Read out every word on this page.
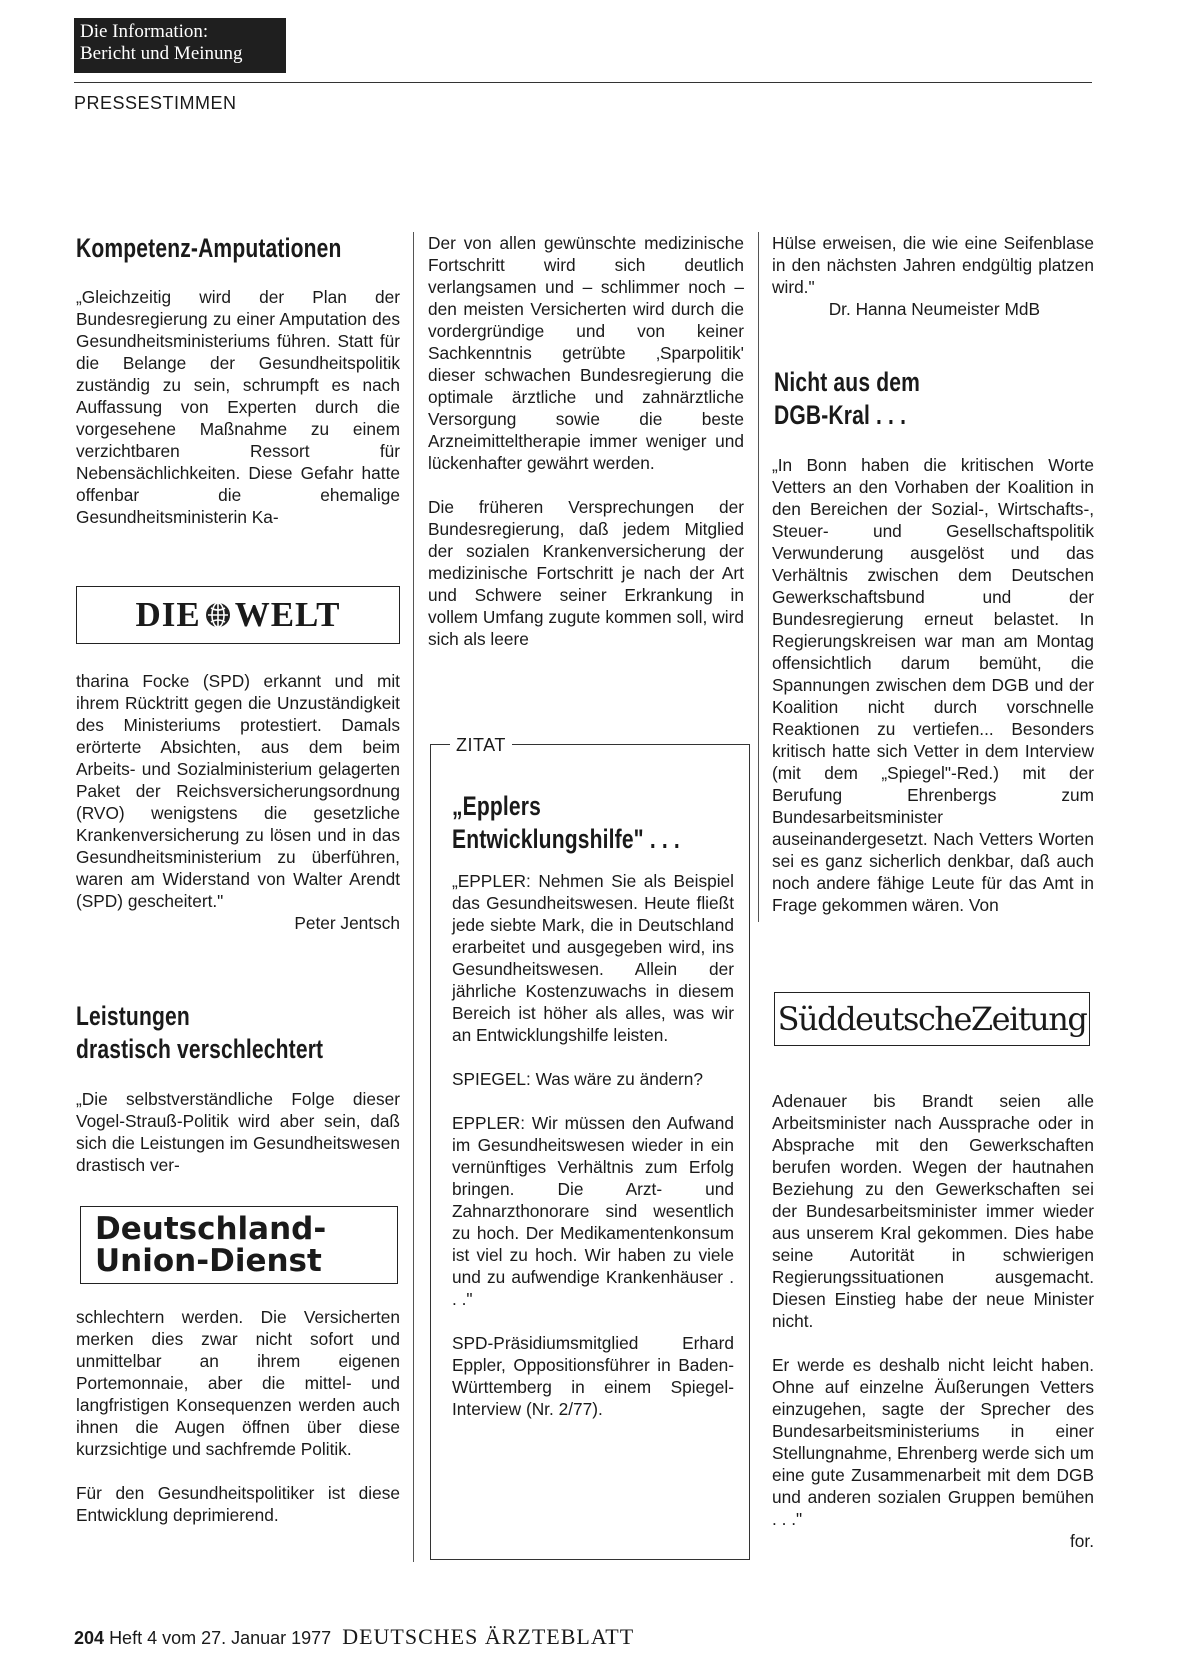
Die Information:
Bericht und Meinung
PRESSESTIMMEN
Kompetenz-Amputationen

„Gleichzeitig wird der Plan der Bundesregierung zu einer Amputation des Gesundheitsministeriums führen. Statt für die Belange der Gesundheitspolitik zuständig zu sein, schrumpft es nach Auffassung von Experten durch die vorgesehene Maßnahme zu einem verzichtbaren Ressort für Nebensächlichkeiten. Diese Gefahr hatte offenbar die ehemalige Gesundheitsministerin Ka-

DIE WELT

tharina Focke (SPD) erkannt und mit ihrem Rücktritt gegen die Unzuständigkeit des Ministeriums protestiert. Damals erörterte Absichten, aus dem beim Arbeits- und Sozialministerium gelagerten Paket der Reichsversicherungsordnung (RVO) wenigstens die gesetzliche Krankenversicherung zu lösen und in das Gesundheitsministerium zu überführen, waren am Widerstand von Walter Arendt (SPD) gescheitert."

Peter Jentsch

Leistungen
drastisch verschlechtert

„Die selbstverständliche Folge dieser Vogel-Strauß-Politik wird aber sein, daß sich die Leistungen im Gesundheitswesen drastisch ver-

Deutschland-
Union-Dienst

schlechtern werden. Die Versicherten merken dies zwar nicht sofort und unmittelbar an ihrem eigenen Portemonnaie, aber die mittel- und langfristigen Konsequenzen werden auch ihnen die Augen öffnen über diese kurzsichtige und sachfremde Politik.

Für den Gesundheitspolitiker ist diese Entwicklung deprimierend.

Der von allen gewünschte medizinische Fortschritt wird sich deutlich verlangsamen und – schlimmer noch – den meisten Versicherten wird durch die vordergründige und von keiner Sachkenntnis getrübte ‚Sparpolitik' dieser schwachen Bundesregierung die optimale ärztliche und zahnärztliche Versorgung sowie die beste Arzneimitteltherapie immer weniger und lückenhafter gewährt werden.

Die früheren Versprechungen der Bundesregierung, daß jedem Mitglied der sozialen Krankenversicherung der medizinische Fortschritt je nach der Art und Schwere seiner Erkrankung in vollem Umfang zugute kommen soll, wird sich als leere

ZITAT
„Epplers
Entwicklungshilfe" . . .

„EPPLER: Nehmen Sie als Beispiel das Gesundheitswesen. Heute fließt jede siebte Mark, die in Deutschland erarbeitet und ausgegeben wird, ins Gesundheitswesen. Allein der jährliche Kostenzuwachs in diesem Bereich ist höher als alles, was wir an Entwicklungshilfe leisten.

SPIEGEL: Was wäre zu ändern?

EPPLER: Wir müssen den Aufwand im Gesundheitswesen wieder in ein vernünftiges Verhältnis zum Erfolg bringen. Die Arzt- und Zahnarzthonorare sind wesentlich zu hoch. Der Medikamentenkonsum ist viel zu hoch. Wir haben zu viele und zu aufwendige Krankenhäuser . . ."

SPD-Präsidiumsmitglied Erhard Eppler, Oppositionsführer in Baden-Württemberg in einem Spiegel-Interview (Nr. 2/77).

Hülse erweisen, die wie eine Seifenblase in den nächsten Jahren endgültig platzen wird."

Dr. Hanna Neumeister MdB

Nicht aus dem
DGB-Kral . . .

„In Bonn haben die kritischen Worte Vetters an den Vorhaben der Koalition in den Bereichen der Sozial-, Wirtschafts-, Steuer- und Gesellschaftspolitik Verwunderung ausgelöst und das Verhältnis zwischen dem Deutschen Gewerkschaftsbund und der Bundesregierung erneut belastet. In Regierungskreisen war man am Montag offensichtlich darum bemüht, die Spannungen zwischen dem DGB und der Koalition nicht durch vorschnelle Reaktionen zu vertiefen... Besonders kritisch hatte sich Vetter in dem Interview (mit dem „Spiegel"-Red.) mit der Berufung Ehrenbergs zum Bundesarbeitsminister auseinandergesetzt. Nach Vetters Worten sei es ganz sicherlich denkbar, daß auch noch andere fähige Leute für das Amt in Frage gekommen wären. Von

SüddeutscheZeitung

Adenauer bis Brandt seien alle Arbeitsminister nach Aussprache oder in Absprache mit den Gewerkschaften berufen worden. Wegen der hautnahen Beziehung zu den Gewerkschaften sei der Bundesarbeitsminister immer wieder aus unserem Kral gekommen. Dies habe seine Autorität in schwierigen Regierungssituationen ausgemacht. Diesen Einstieg habe der neue Minister nicht.

Er werde es deshalb nicht leicht haben. Ohne auf einzelne Äußerungen Vetters einzugehen, sagte der Sprecher des Bundesarbeitsministeriums in einer Stellungnahme, Ehrenberg werde sich um eine gute Zusammenarbeit mit dem DGB und anderen sozialen Gruppen bemühen . . ."

for.

204 Heft 4 vom 27. Januar 1977 DEUTSCHES ÄRZTEBLATT
